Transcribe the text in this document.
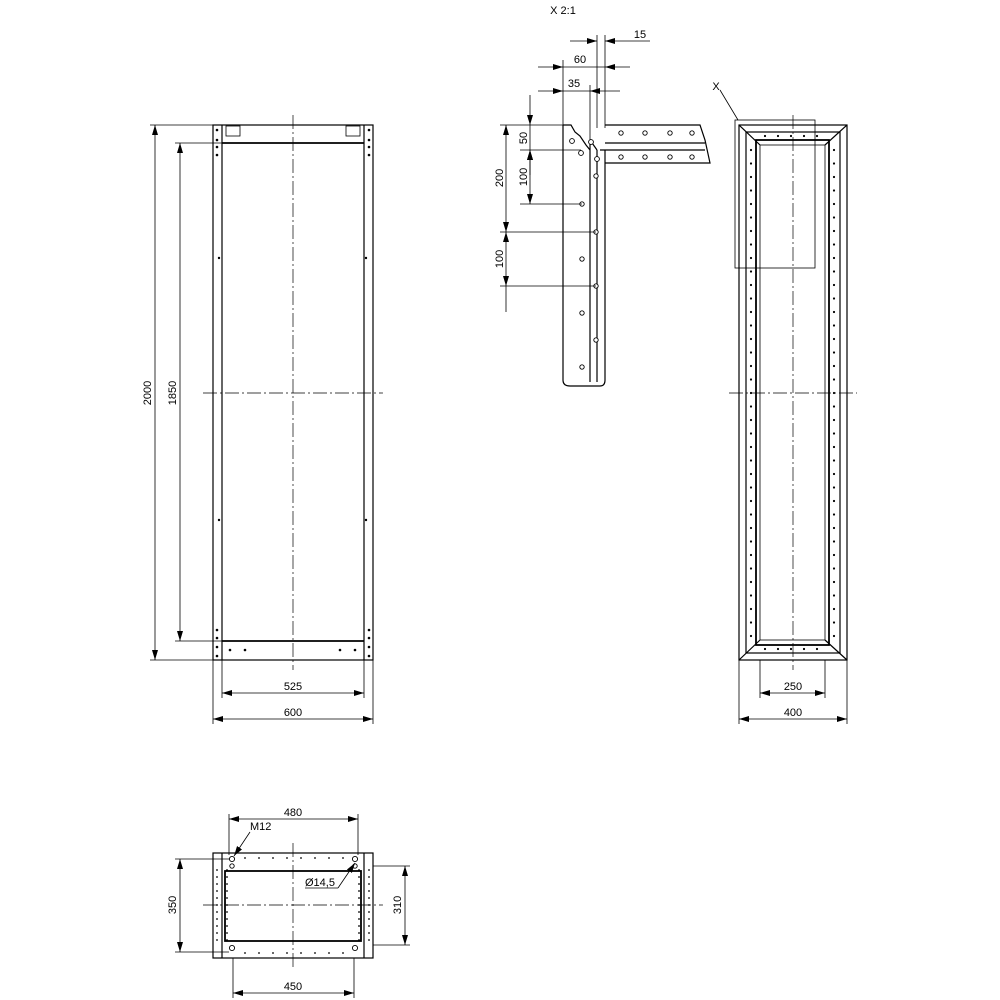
2000 1850
525
600
X 2:1
15
60
35
50
100
200
100
X
250
400
480
M12
Ø14,5
350	310
450
